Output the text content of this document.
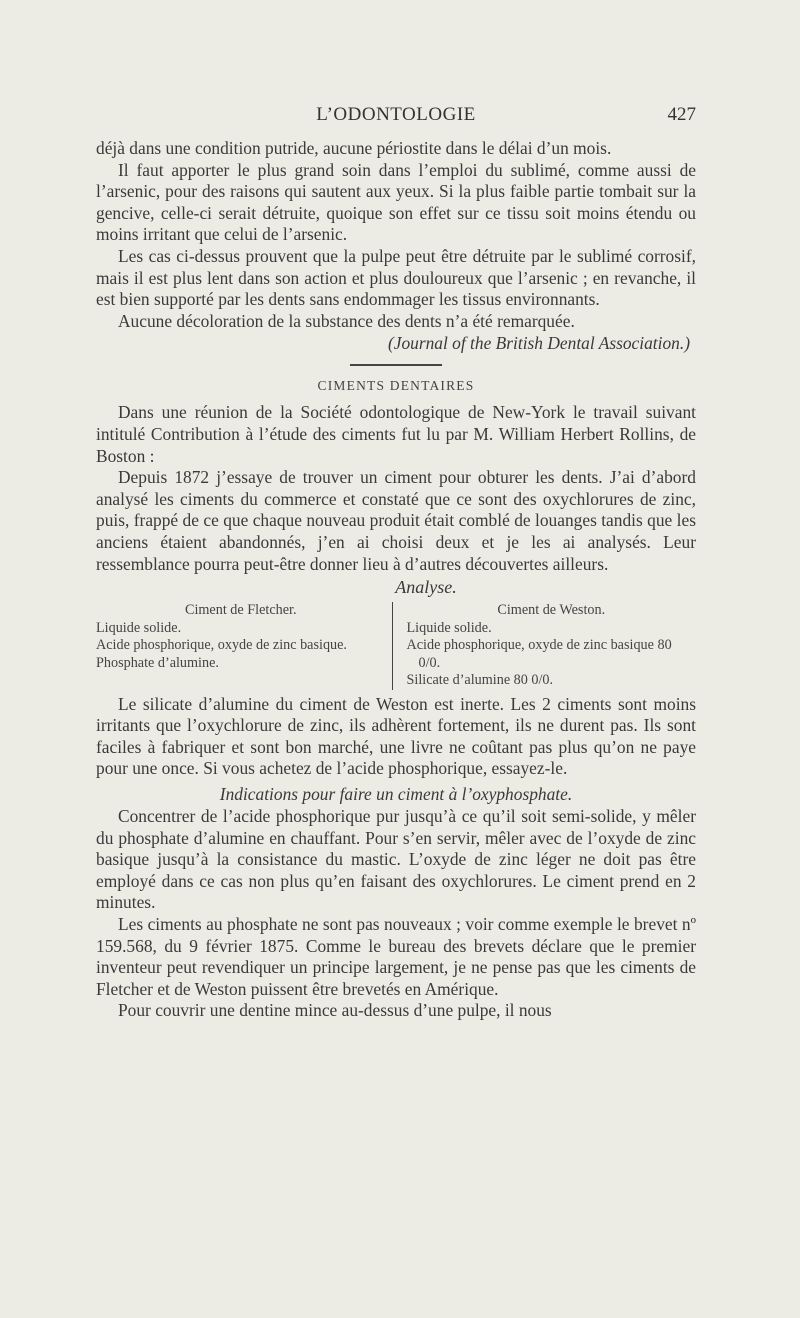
L’ODONTOLOGIE	427

déjà dans une condition putride, aucune périostite dans le délai d’un mois.

Il faut apporter le plus grand soin dans l’emploi du sublimé, comme aussi de l’arsenic, pour des raisons qui sautent aux yeux. Si la plus faible partie tombait sur la gencive, celle-ci serait détruite, quoique son effet sur ce tissu soit moins étendu ou moins irritant que celui de l’arsenic.

Les cas ci-dessus prouvent que la pulpe peut être détruite par le sublimé corrosif, mais il est plus lent dans son action et plus douloureux que l’arsenic ; en revanche, il est bien supporté par les dents sans endommager les tissus environnants.

Aucune décoloration de la substance des dents n’a été remarquée.

(Journal of the British Dental Association.)

CIMENTS DENTAIRES

Dans une réunion de la Société odontologique de New-York le travail suivant intitulé Contribution à l’étude des ciments fut lu par M. William Herbert Rollins, de Boston :

Depuis 1872 j’essaye de trouver un ciment pour obturer les dents. J’ai d’abord analysé les ciments du commerce et constaté que ce sont des oxychlorures de zinc, puis, frappé de ce que chaque nouveau produit était comblé de louanges tandis que les anciens étaient abandonnés, j’en ai choisi deux et je les ai analysés. Leur ressemblance pourra peut-être donner lieu à d’autres découvertes ailleurs.

Analyse.
Ciment de Fletcher.
Liquide solide.
Acide phosphorique, oxyde de zinc basique.
Phosphate d’alumine.
Ciment de Weston.
Liquide solide.
Acide phosphorique, oxyde de zinc basique 80 0/0.
Silicate d’alumine 80 0/0.

Le silicate d’alumine du ciment de Weston est inerte. Les 2 ciments sont moins irritants que l’oxychlorure de zinc, ils adhèrent fortement, ils ne durent pas. Ils sont faciles à fabriquer et sont bon marché, une livre ne coûtant pas plus qu’on ne paye pour une once. Si vous achetez de l’acide phosphorique, essayez-le.

Indications pour faire un ciment à l’oxyphosphate.

Concentrer de l’acide phosphorique pur jusqu’à ce qu’il soit semi-solide, y mêler du phosphate d’alumine en chauffant. Pour s’en servir, mêler avec de l’oxyde de zinc basique jusqu’à la consistance du mastic. L’oxyde de zinc léger ne doit pas être employé dans ce cas non plus qu’en faisant des oxychlorures. Le ciment prend en 2 minutes.

Les ciments au phosphate ne sont pas nouveaux ; voir comme exemple le brevet nº 159.568, du 9 février 1875. Comme le bureau des brevets déclare que le premier inventeur peut revendiquer un principe largement, je ne pense pas que les ciments de Fletcher et de Weston puissent être brevetés en Amérique.

Pour couvrir une dentine mince au-dessus d’une pulpe, il nous
